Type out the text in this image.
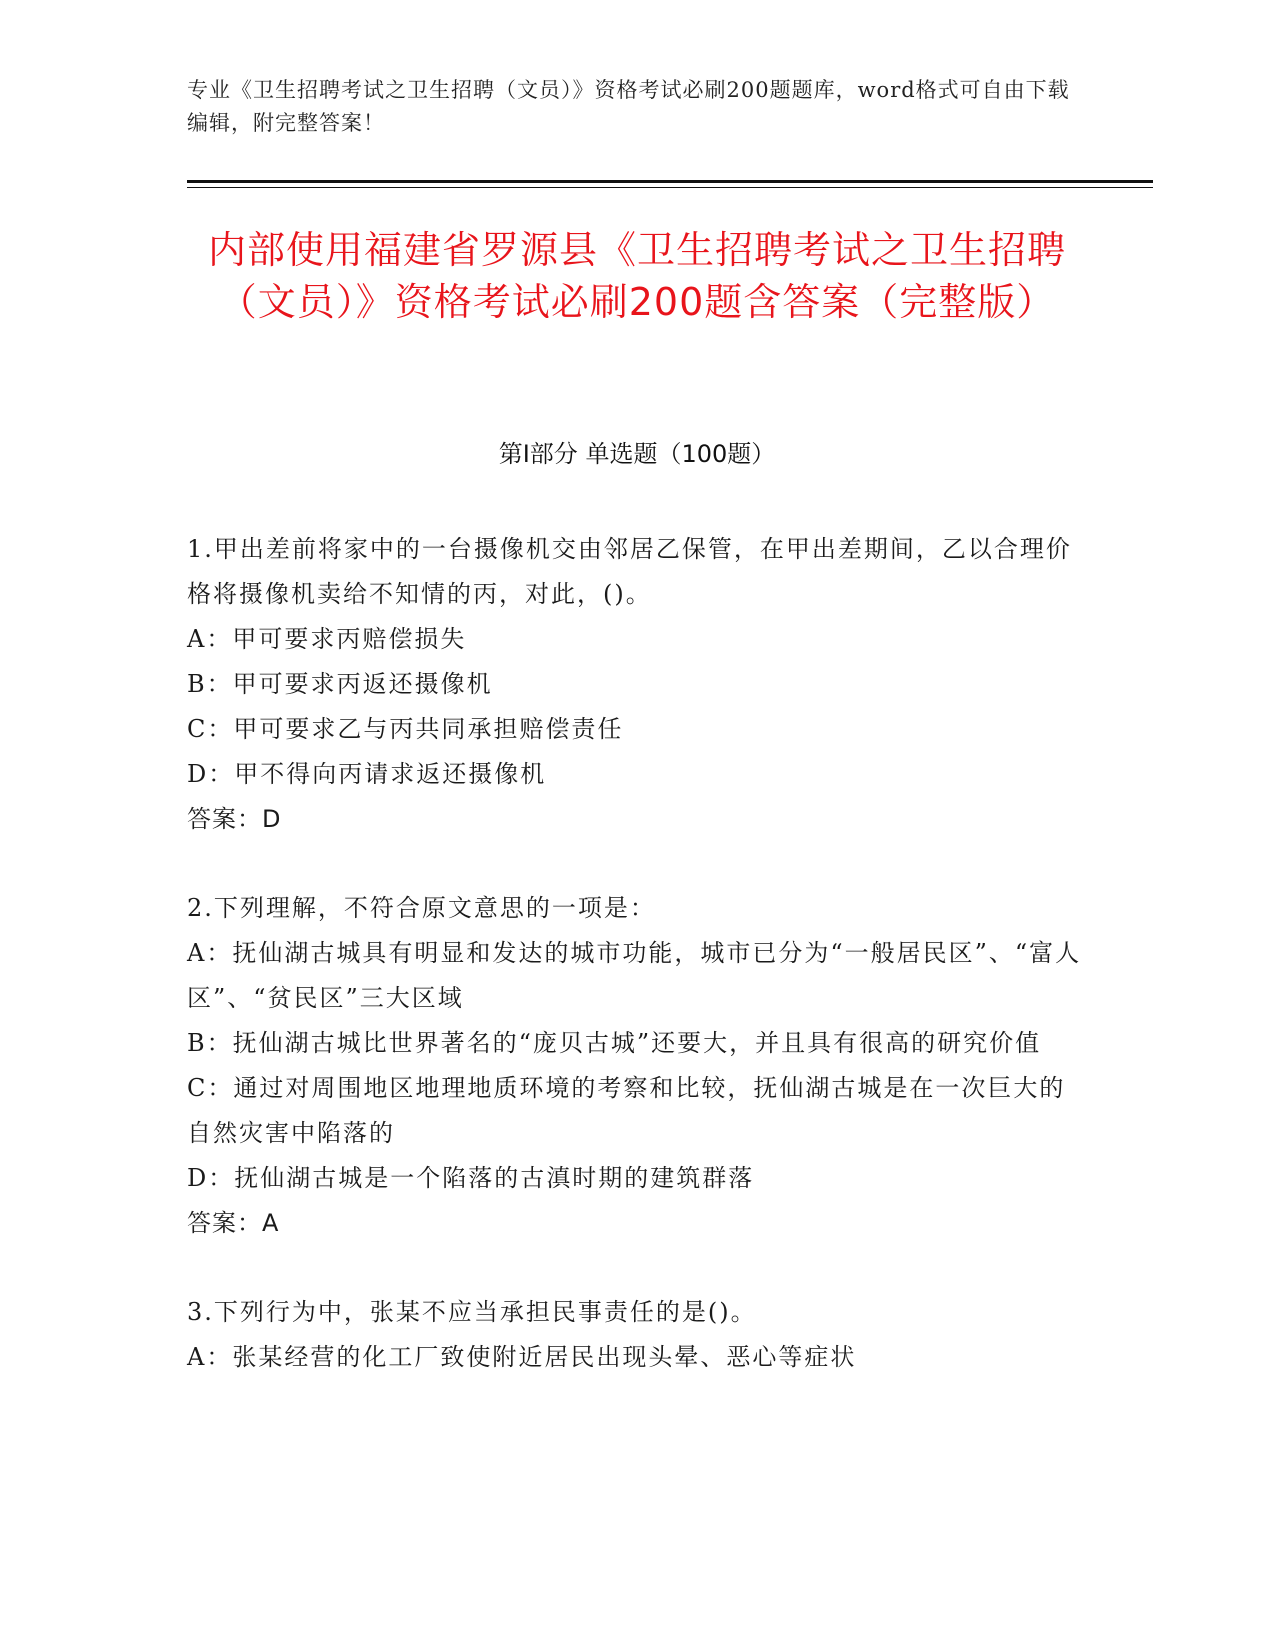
专业《卫生招聘考试之卫生招聘（文员）》资格考试必刷200题题库，word格式可自由下载编辑，附完整答案！
内部使用福建省罗源县《卫生招聘考试之卫生招聘（文员）》资格考试必刷200题含答案（完整版）
第Ⅰ部分 单选题（100题）

1.甲出差前将家中的一台摄像机交由邻居乙保管，在甲出差期间，乙以合理价格将摄像机卖给不知情的丙，对此，()。

A：甲可要求丙赔偿损失

B：甲可要求丙返还摄像机

C：甲可要求乙与丙共同承担赔偿责任

D：甲不得向丙请求返还摄像机

答案：D

2.下列理解，不符合原文意思的一项是：

A：抚仙湖古城具有明显和发达的城市功能，城市已分为“一般居民区”、“富人区”、“贫民区”三大区域

B：抚仙湖古城比世界著名的“庞贝古城”还要大，并且具有很高的研究价值

C：通过对周围地区地理地质环境的考察和比较，抚仙湖古城是在一次巨大的自然灾害中陷落的

D：抚仙湖古城是一个陷落的古滇时期的建筑群落

答案：A

3.下列行为中，张某不应当承担民事责任的是()。

A：张某经营的化工厂致使附近居民出现头晕、恶心等症状
